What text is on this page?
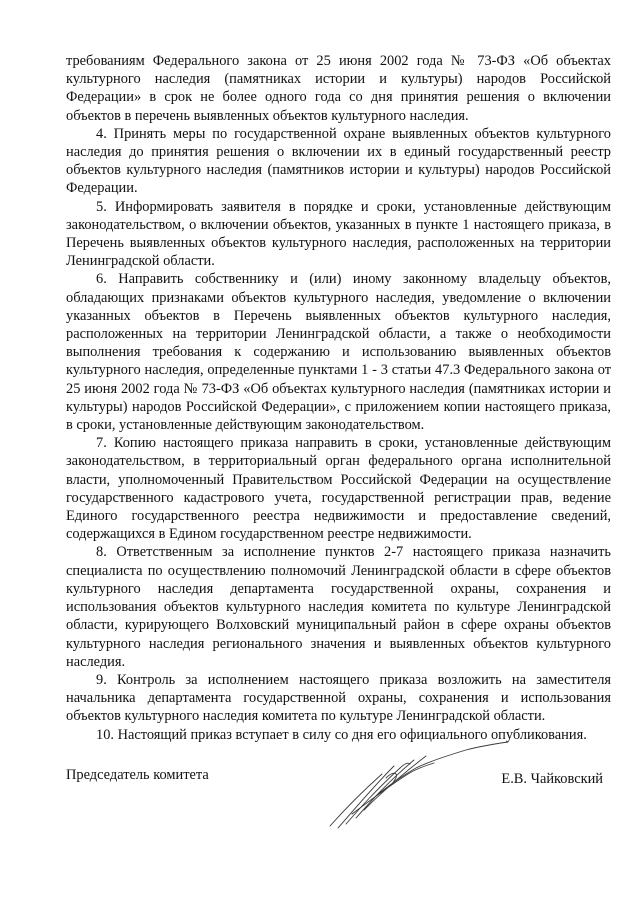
требованиям Федерального закона от 25 июня 2002 года № 73-ФЗ «Об объектах культурного наследия (памятниках истории и культуры) народов Российской Федерации» в срок не более одного года со дня принятия решения о включении объектов в перечень выявленных объектов культурного наследия.

4. Принять меры по государственной охране выявленных объектов культурного наследия до принятия решения о включении их в единый государственный реестр объектов культурного наследия (памятников истории и культуры) народов Российской Федерации.

5. Информировать заявителя в порядке и сроки, установленные действующим законодательством, о включении объектов, указанных в пункте 1 настоящего приказа, в Перечень выявленных объектов культурного наследия, расположенных на территории Ленинградской области.

6. Направить собственнику и (или) иному законному владельцу объектов, обладающих признаками объектов культурного наследия, уведомление о включении указанных объектов в Перечень выявленных объектов культурного наследия, расположенных на территории Ленинградской области, а также о необходимости выполнения требования к содержанию и использованию выявленных объектов культурного наследия, определенные пунктами 1 - 3 статьи 47.3 Федерального закона от 25 июня 2002 года № 73-ФЗ «Об объектах культурного наследия (памятниках истории и культуры) народов Российской Федерации», с приложением копии настоящего приказа, в сроки, установленные действующим законодательством.

7. Копию настоящего приказа направить в сроки, установленные действующим законодательством, в территориальный орган федерального органа исполнительной власти, уполномоченный Правительством Российской Федерации на осуществление государственного кадастрового учета, государственной регистрации прав, ведение Единого государственного реестра недвижимости и предоставление сведений, содержащихся в Едином государственном реестре недвижимости.

8. Ответственным за исполнение пунктов 2-7 настоящего приказа назначить специалиста по осуществлению полномочий Ленинградской области в сфере объектов культурного наследия департамента государственной охраны, сохранения и использования объектов культурного наследия комитета по культуре Ленинградской области, курирующего Волховский муниципальный район в сфере охраны объектов культурного наследия регионального значения и выявленных объектов культурного наследия.

9. Контроль за исполнением настоящего приказа возложить на заместителя начальника департамента государственной охраны, сохранения и использования объектов культурного наследия комитета по культуре Ленинградской области.

10. Настоящий приказ вступает в силу со дня его официального опубликования.

Председатель комитета	Е.В. Чайковский
